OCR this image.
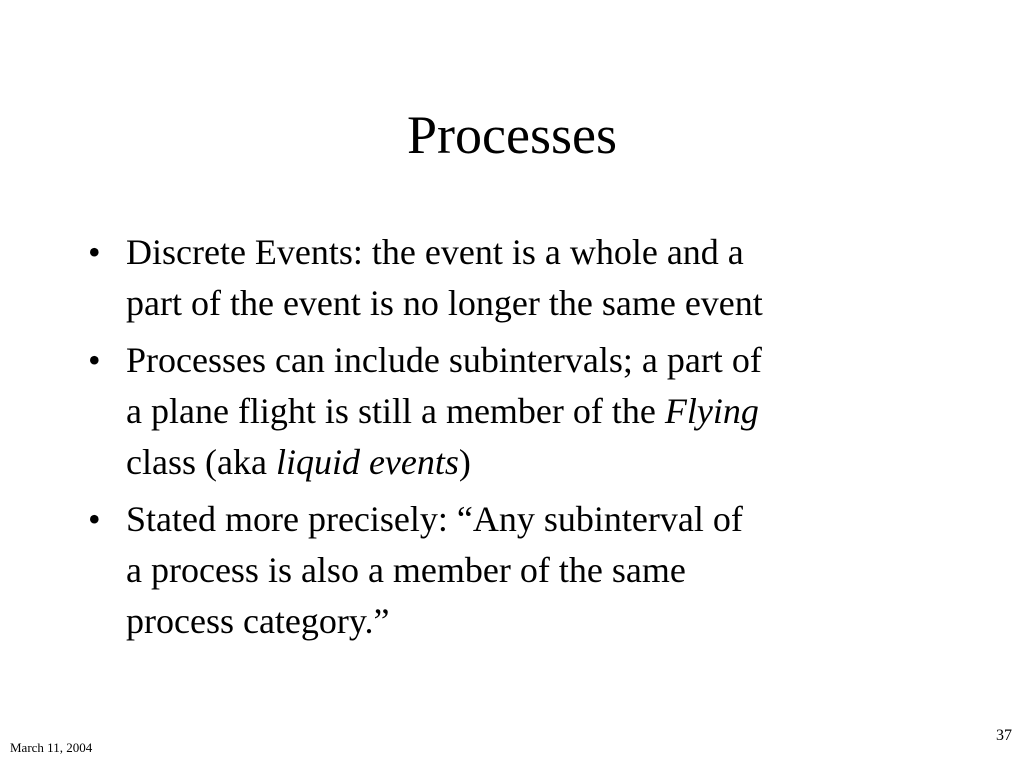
Processes
• Discrete Events: the event is a whole and a
part of the event is no longer the same event
• Processes can include subintervals; a part of
a plane flight is still a member of the Flying
class (aka liquid events)
• Stated more precisely: “Any subinterval of
a process is also a member of the same
process category.”
March 11, 2004
37
